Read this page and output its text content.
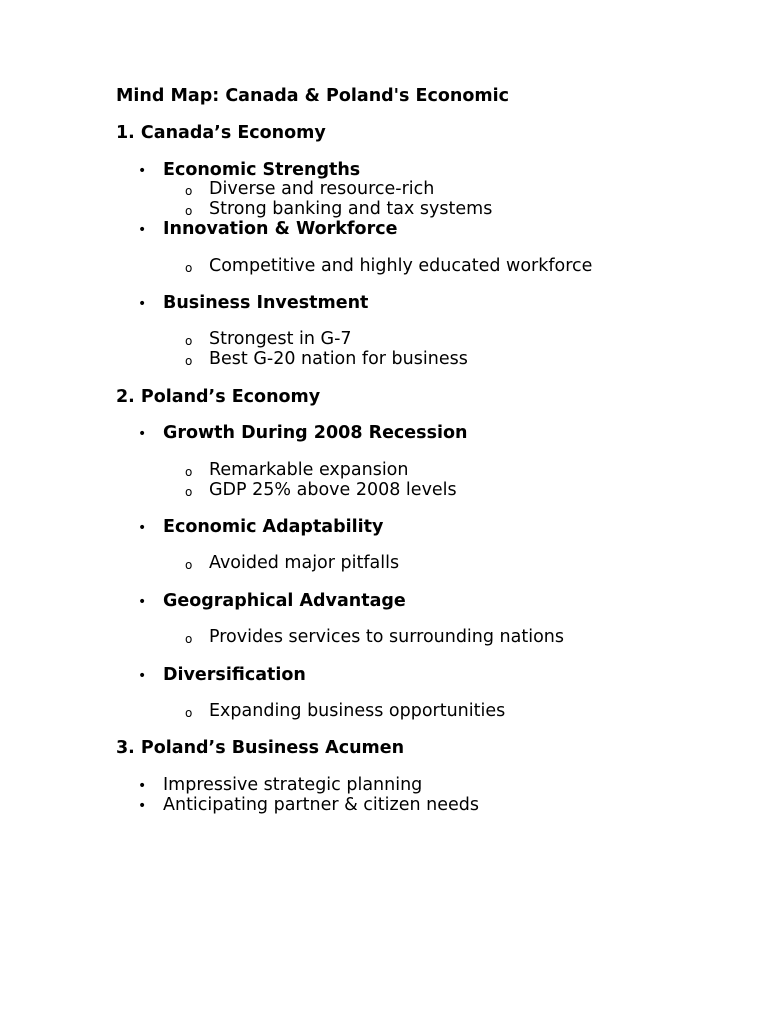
Mind Map: Canada & Poland's Economic
1. Canada’s Economy
• Economic Strengths
o Diverse and resource-rich
o Strong banking and tax systems
• Innovation & Workforce
o Competitive and highly educated workforce
• Business Investment
o Strongest in G-7
o Best G-20 nation for business
2. Poland’s Economy
• Growth During 2008 Recession
o Remarkable expansion
o GDP 25% above 2008 levels
• Economic Adaptability
o Avoided major pitfalls
• Geographical Advantage
o Provides services to surrounding nations
• Diversification
o Expanding business opportunities
3. Poland’s Business Acumen
• Impressive strategic planning
• Anticipating partner & citizen needs
